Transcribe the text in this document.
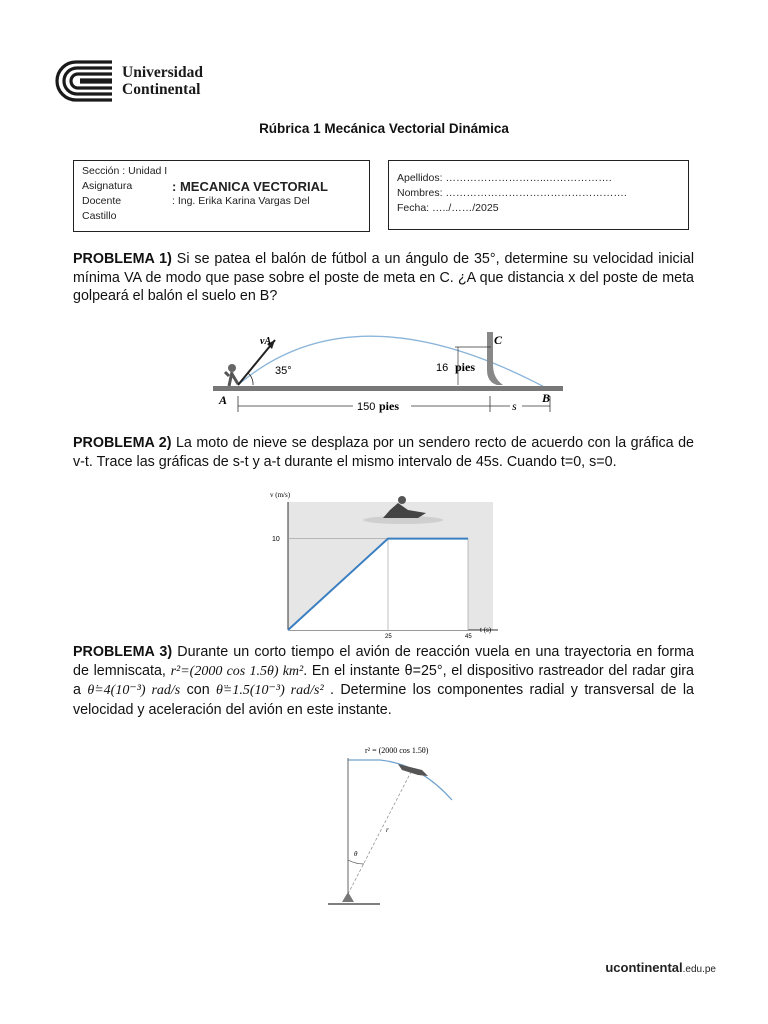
Universidad
Continental
Rúbrica 1 Mecánica Vectorial Dinámica
Sección : Unidad I
Asignatura	: MECANICA VECTORIAL
Docente	: Ing. Erika Karina Vargas Del
Castillo
Apellidos: ………………………..……………….
Nombres: …………………………………………….
Fecha: …../……/2025
PROBLEMA 1) Si se patea el balón de fútbol a un ángulo de 35°, determine su velocidad inicial mínima VA de modo que pase sobre el poste de meta en C. ¿A que distancia x del poste de meta golpeará el balón el suelo en B?
vA
35°	16 pies
C
A	B
150 pies	s
PROBLEMA 2) La moto de nieve se desplaza por un sendero recto de acuerdo con la gráfica de v-t. Trace las gráficas de s-t y a-t durante el mismo intervalo de 45s. Cuando t=0, s=0.
v (m/s)
t (s)
10
25	45
PROBLEMA 3) Durante un corto tiempo el avión de reacción vuela en una trayectoria en forma de lemniscata, r²=(2000 cos 1.5θ) km². En el instante θ=25°, el dispositivo rastreador del radar gira a θ̇=4(10⁻³) rad/s con θ̈=1.5(10⁻³) rad/s² . Determine los componentes radial y transversal de la velocidad y aceleración del avión en este instante.
r² = (2000 cos 1.5θ)
θ
r
ucontinental.edu.pe
